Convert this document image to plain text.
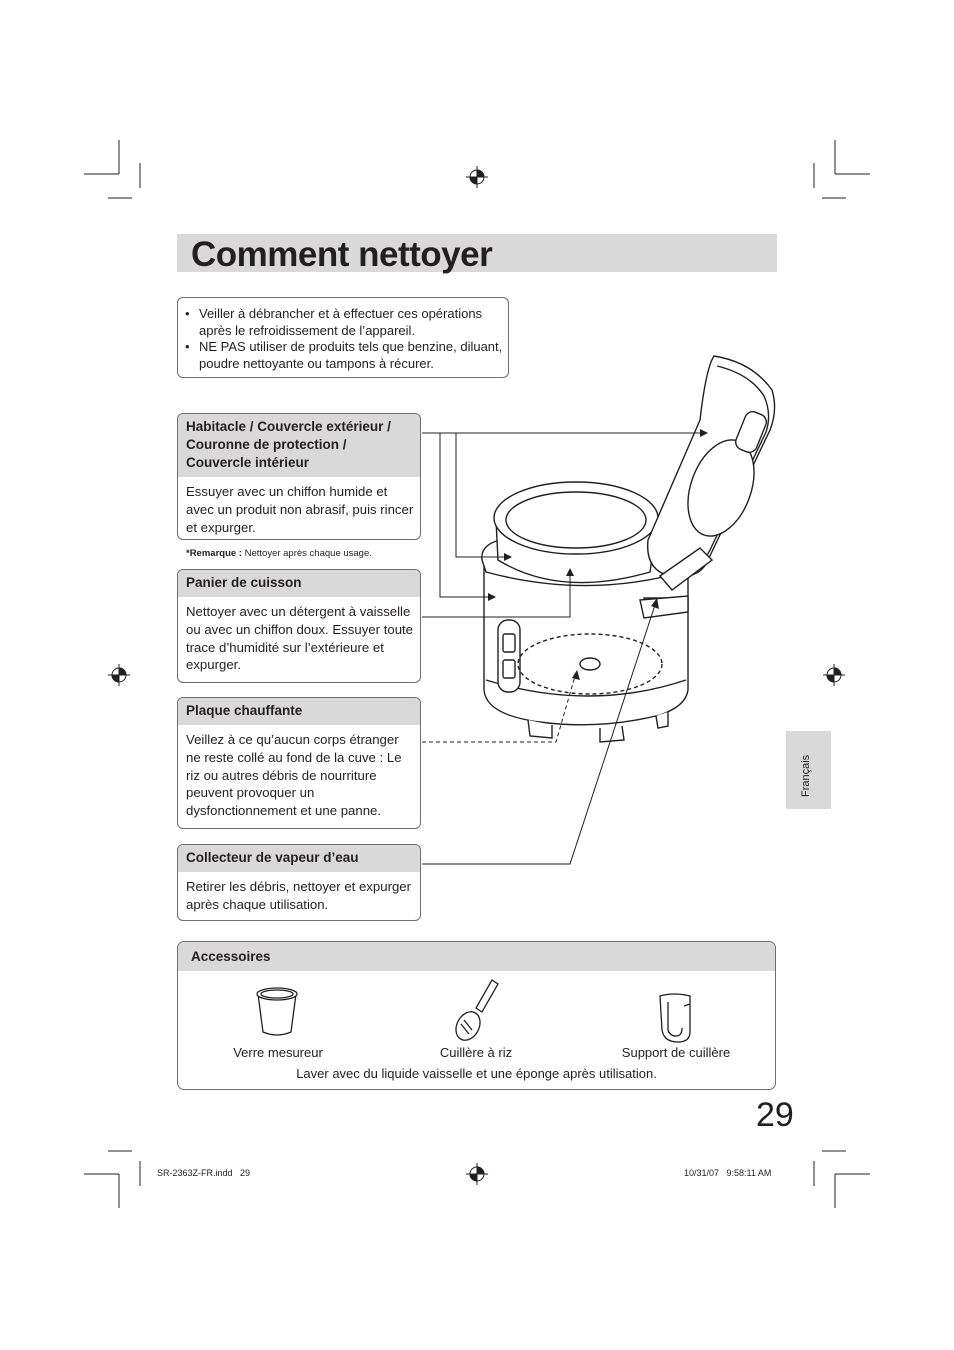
Comment nettoyer
• Veiller à débrancher et à effectuer ces opérations après le refroidissement de l’appareil.
• NE PAS utiliser de produits tels que benzine, diluant, poudre nettoyante ou tampons à récurer.
Habitacle / Couvercle extérieur / Couronne de protection / Couvercle intérieur
Essuyer avec un chiffon humide et avec un produit non abrasif, puis rincer et expurger.
*Remarque : Nettoyer après chaque usage.
Panier de cuisson
Nettoyer avec un détergent à vaisselle ou avec un chiffon doux. Essuyer toute trace d’humidité sur l’extérieure et expurger.
Plaque chauffante
Veillez à ce qu’aucun corps étranger ne reste collé au fond de la cuve : Le riz ou autres débris de nourriture peuvent provoquer un dysfonctionnement et une panne.
Collecteur de vapeur d’eau
Retirer les débris, nettoyer et expurger après chaque utilisation.
Accessoires
Verre mesureur	Cuillère à riz	Support de cuillère
Laver avec du liquide vaisselle et une éponge après utilisation.
Français
29
SR-2363Z-FR.indd   29	10/31/07   9:58:11 AM
